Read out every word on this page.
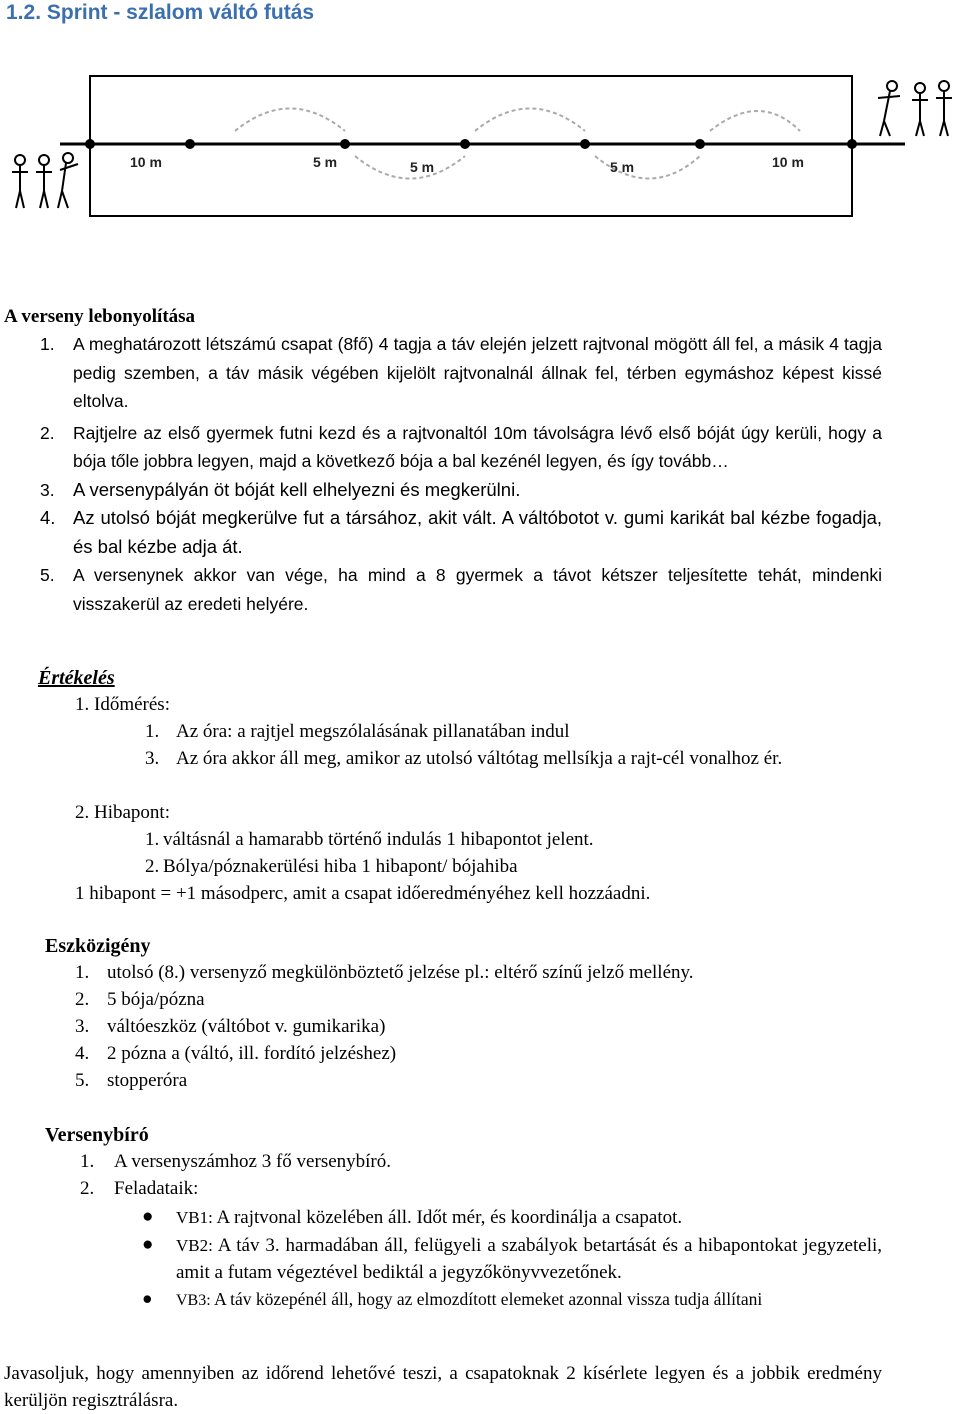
1.2. Sprint - szlalom váltó futás
10 m	5 m	5 m	5 m	10 m
A verseny lebonyolítása
1. A meghatározott létszámú csapat (8fő) 4 tagja a táv elején jelzett rajtvonal mögött áll fel, a másik 4 tagja pedig szemben, a táv másik végében kijelölt rajtvonalnál állnak fel, térben egymáshoz képest kissé eltolva.
2. Rajtjelre az első gyermek futni kezd és a rajtvonaltól 10m távolságra lévő első bóját úgy kerüli, hogy a bója tőle jobbra legyen, majd a következő bója a bal kezénél legyen, és így tovább…
3. A versenypályán öt bóját kell elhelyezni és megkerülni.
4. Az utolsó bóját megkerülve fut a társához, akit vált. A váltóbotot v. gumi karikát bal kézbe fogadja, és bal kézbe adja át.
5. A versenynek akkor van vége, ha mind a 8 gyermek a távot kétszer teljesítette tehát, mindenki visszakerül az eredeti helyére.
Értékelés
1. Időmérés:
1. Az óra: a rajtjel megszólalásának pillanatában indul
3. Az óra akkor áll meg, amikor az utolsó váltótag mellsíkja a rajt-cél vonalhoz ér.
2. Hibapont:
1. váltásnál a hamarabb történő indulás 1 hibapontot jelent.
2. Bólya/póznakerülési hiba 1 hibapont/ bójahiba
1 hibapont = +1 másodperc, amit a csapat időeredményéhez kell hozzáadni.
Eszközigény
1. utolsó (8.) versenyző megkülönböztető jelzése pl.: eltérő színű jelző mellény.
2. 5 bója/pózna
3. váltóeszköz (váltóbot v. gumikarika)
4. 2 pózna a (váltó, ill. fordító jelzéshez)
5. stopperóra
Versenybíró
1. A versenyszámhoz 3 fő versenybíró.
2. Feladataik:
● VB1: A rajtvonal közelében áll. Időt mér, és koordinálja a csapatot.
● VB2: A táv 3. harmadában áll, felügyeli a szabályok betartását és a hibapontokat jegyzeteli, amit a futam végeztével bediktál a jegyzőkönyvvezetőnek.
● VB3: A táv közepénél áll, hogy az elmozdított elemeket azonnal vissza tudja állítani
Javasoljuk, hogy amennyiben az időrend lehetővé teszi, a csapatoknak 2 kísérlete legyen és a jobbik eredmény kerüljön regisztrálásra.
